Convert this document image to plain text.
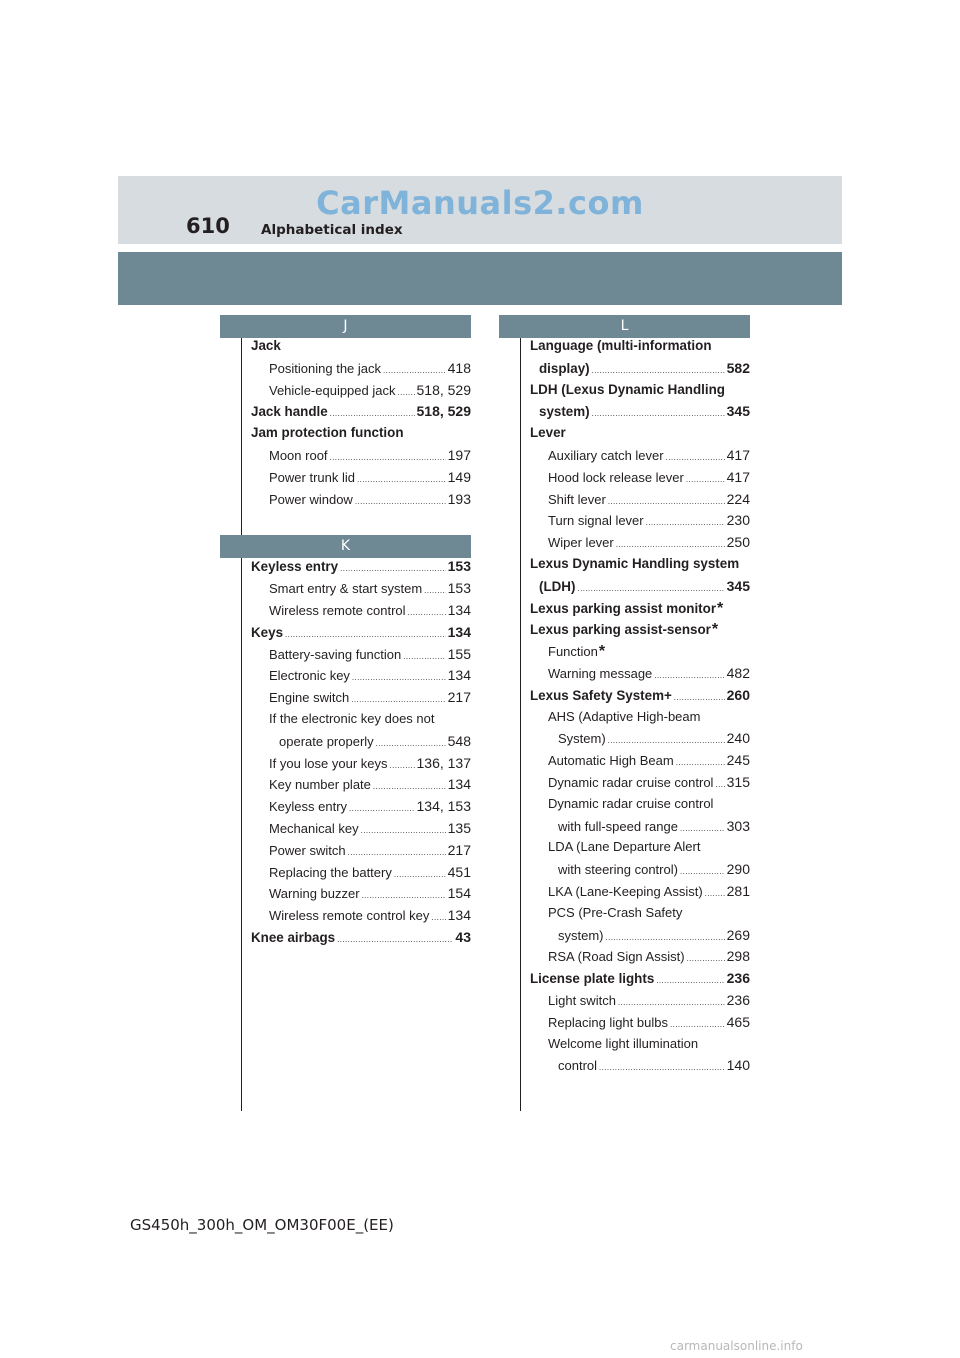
CarManuals2.com
610 Alphabetical index
J
Jack
Positioning the jack .....	418
Vehicle-equipped jack ..... 518, 529
Jack handle .....	518, 529
Jam protection function
Moon roof .....	197
Power trunk lid .....	149
Power window .....	193
K
Keyless entry .....	153
Smart entry & start system ..... 153
Wireless remote control .....	134
Keys .....	134
Battery-saving function .....	155
Electronic key .....	134
Engine switch .....	217
If the electronic key does not
operate properly .....	548
If you lose your keys ..... 136, 137
Key number plate .....	134
Keyless entry .....	134, 153
Mechanical key .....	135
Power switch .....	217
Replacing the battery .....	451
Warning buzzer .....	154
Wireless remote control key ..... 134
Knee airbags .....	43
L
Language (multi-information
display) .....	582
LDH (Lexus Dynamic Handling
system) .....	345
Lever
Auxiliary catch lever .....	417
Hood lock release lever .....	417
Shift lever .....	224
Turn signal lever .....	230
Wiper lever .....	250
Lexus Dynamic Handling system
(LDH) .....	345
Lexus parking assist monitor *
Lexus parking assist-sensor *
Function *
Warning message .....	482
Lexus Safety System+ .....	260
AHS (Adaptive High-beam
System) .....	240
Automatic High Beam .....	245
Dynamic radar cruise control ..... 315
Dynamic radar cruise control
with full-speed range .....	303
LDA (Lane Departure Alert
with steering control) .....	290
LKA (Lane-Keeping Assist) ..... 281
PCS (Pre-Crash Safety
system) .....	269
RSA (Road Sign Assist) .....	298
License plate lights .....	236
Light switch .....	236
Replacing light bulbs .....	465
Welcome light illumination
control .....	140
GS450h_300h_OM_OM30F00E_(EE)
carmanualsonline.info
